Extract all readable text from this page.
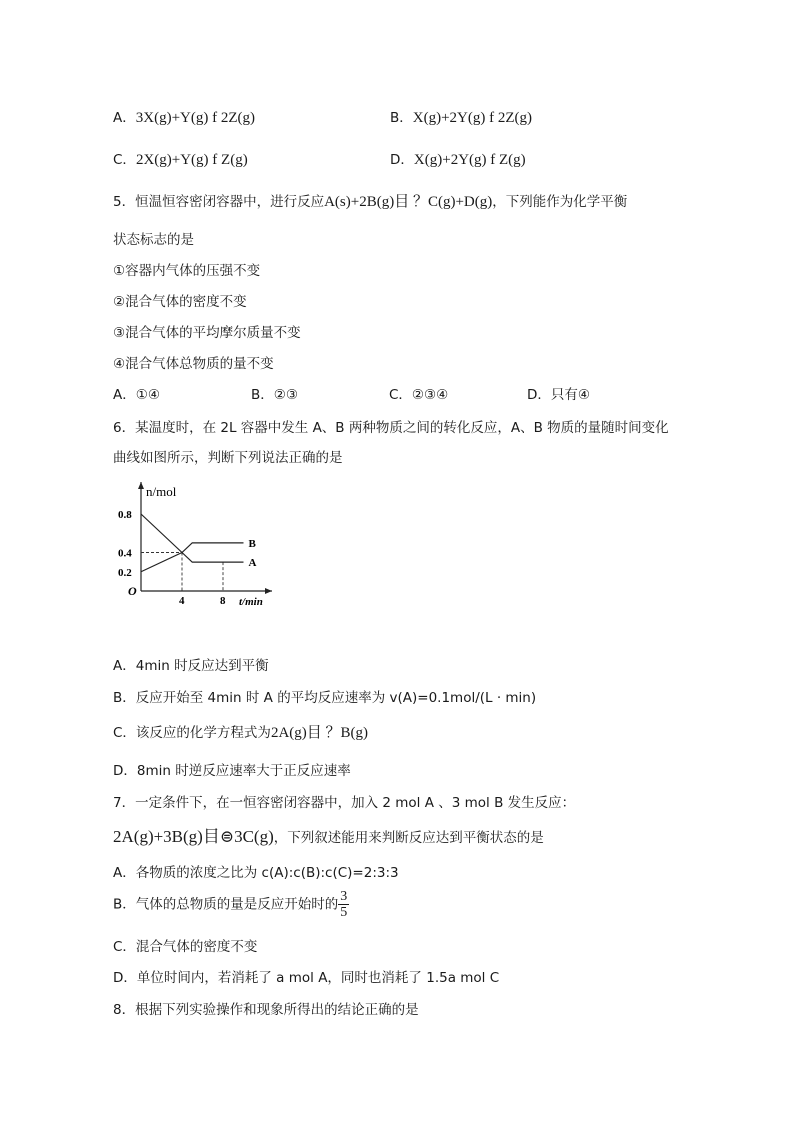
A．3X(g)+Y(g) f 2Z(g)	B．X(g)+2Y(g) f 2Z(g)
C．2X(g)+Y(g) f Z(g)	D．X(g)+2Y(g) f Z(g)
5．恒温恒容密闭容器中，进行反应A(s)+2B(g)目 ？C(g)+D(g)，下列能作为化学平衡
状态标志的是
①容器内气体的压强不变
②混合气体的密度不变
③混合气体的平均摩尔质量不变
④混合气体总物质的量不变
A．①④	B．②③	C．②③④	D．只有④
6．某温度时，在 2L 容器中发生 A、B 两种物质之间的转化反应，A、B 物质的量随时间变化
曲线如图所示，判断下列说法正确的是
n/mol
t/min
O
0.8
0.4
0.2
4	8
A
B
A．4min 时反应达到平衡
B．反应开始至 4min 时 A 的平均反应速率为 v(A)=0.1mol/(L · min)
C．该反应的化学方程式为2A(g)目 ？B(g)
D．8min 时逆反应速率大于正反应速率
7．一定条件下，在一恒容密闭容器中，加入 2 mol A 、3 mol B 发生反应：
2A(g)+3B(g)目⊜3C(g)，下列叙述能用来判断反应达到平衡状态的是
A．各物质的浓度之比为 c(A):c(B):c(C)=2:3:3
B．气体的总物质的量是反应开始时的 $\frac{3}{5}$
C．混合气体的密度不变
D．单位时间内，若消耗了 a mol A，同时也消耗了 1.5a mol C
8．根据下列实验操作和现象所得出的结论正确的是
